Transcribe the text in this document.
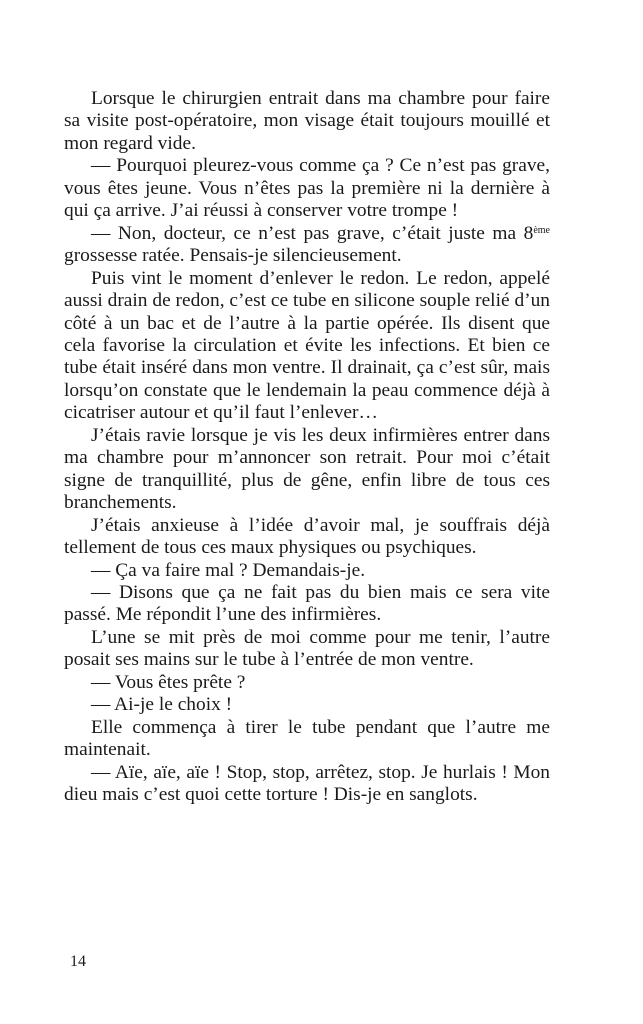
Lorsque le chirurgien entrait dans ma chambre pour faire sa visite post-opératoire, mon visage était toujours mouillé et mon regard vide.

— Pourquoi pleurez-vous comme ça ? Ce n’est pas grave, vous êtes jeune. Vous n’êtes pas la première ni la dernière à qui ça arrive. J’ai réussi à conserver votre trompe !

— Non, docteur, ce n’est pas grave, c’était juste ma 8ème grossesse ratée. Pensais-je silencieusement.

Puis vint le moment d’enlever le redon. Le redon, appelé aussi drain de redon, c’est ce tube en silicone souple relié d’un côté à un bac et de l’autre à la partie opérée. Ils disent que cela favorise la circulation et évite les infections. Et bien ce tube était inséré dans mon ventre. Il drainait, ça c’est sûr, mais lorsqu’on constate que le lendemain la peau commence déjà à cicatriser autour et qu’il faut l’enlever…

J’étais ravie lorsque je vis les deux infirmières entrer dans ma chambre pour m’annoncer son retrait. Pour moi c’était signe de tranquillité, plus de gêne, enfin libre de tous ces branchements.

J’étais anxieuse à l’idée d’avoir mal, je souffrais déjà tellement de tous ces maux physiques ou psychiques.

— Ça va faire mal ? Demandais-je.

— Disons que ça ne fait pas du bien mais ce sera vite passé. Me répondit l’une des infirmières.

L’une se mit près de moi comme pour me tenir, l’autre posait ses mains sur le tube à l’entrée de mon ventre.

— Vous êtes prête ?

— Ai-je le choix !

Elle commença à tirer le tube pendant que l’autre me maintenait.

— Aïe, aïe, aïe ! Stop, stop, arrêtez, stop. Je hurlais ! Mon dieu mais c’est quoi cette torture ! Dis-je en sanglots.

14
